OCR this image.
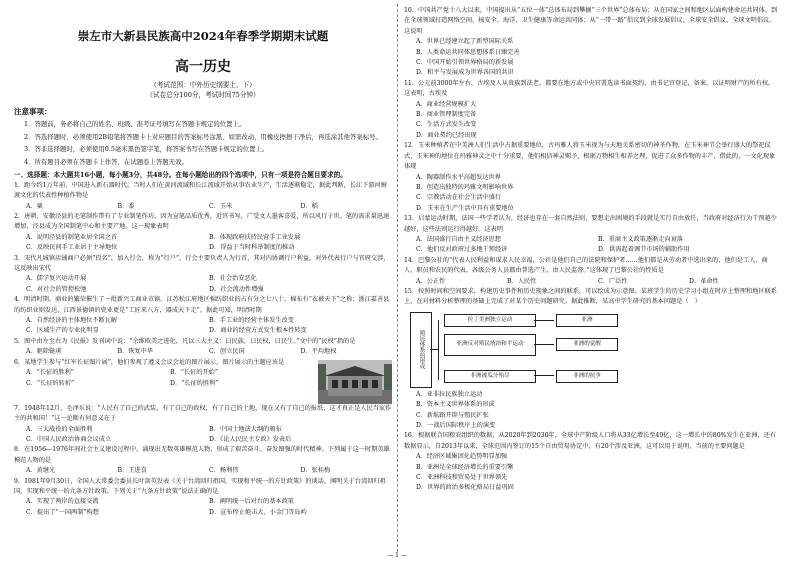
崇左市大新县民族高中2024年春季学期期末试题
高一历史
（考试范围：中外历史纲要上、下）
（试卷总分100分，考试时间75分钟）
注意事项：
1．答题前，务必将自己的姓名、班级、准考证号填写在答题卡规定的位置上。
2．答选择题时，必须使用2B铅笔将答题卡上对应题目的答案标号涂黑，如需改动，用橡皮擦擦干净后，再选涂其他答案标号。
3．答非选择题时，必须使用0.5毫米黑色签字笔，将答案书写在答题卡规定的位置上。
4．所有题目必须在答题卡上作答，在试题卷上答题无效。
一、选择题：本大题共16小题，每小题3分，共48分。在每小题给出的四个选项中，只有一项是符合题目要求的。
1．距今约1万年前，中国进入新石器时代。当时人们在黄河流域和长江流域开始从事农业生产，生活逐渐稳定，据此判断，长江下游河姆渡文化的代表性种植作物是
A．粟	B．黍	C．玉米	D．稻
2．唐朝，安徽泾县的毛笔制作带有了专业制笔作坊，因为宣笔品质优秀，近官书写，广受文人墨客喜爱，所以风行于世。笔的需求量迅速增加，泾县成为全国制笔中心和主要产地。这一现象表明
A．说明泾县的制笔业居全国之首	B．体现政府扶持民营手工业发展
C．反映民间手工业居于主导地位	D．得益于当时科举制度的推动
3．宋代凡城镇店铺商户必须“投名”，加入行会，称为“行户”，行会主要负责人为行首，其对内协调行户利益，对外代表行户与官府交涉，这反映出宋代
A．儒学复兴运动开展	B．社会治安恶化
C．对社会的管控松弛	D．社会流动性增强
4．明清时期，商业的繁荣催生了一批新兴工商业市镇。江苏松江府地区棉纺织业的占有分之七八十，棉布有“衣被天下”之称；浙江嘉善县的纺织业则发达，江西景德镇的瓷业更是“工匠来八方，器成天下走”。据此可知，明清时期
A．自然经济的主体地位不断瓦解	B．手工业的经营主体发生改变
C．区域生产的专业化明显	D．商业的经营方式发生根本性转变
5．图中由左至右为《民报》发刊词中说：“余维欧美之进化，凡以三大主义：曰民族，曰民权，曰民生。”文中的“民权”指的是
A．驱除鞑虏	B．恢复中华	C．创立民国	D．平均地权
6．某地学生参与“红军长征图片展”，他们参观了遵义会议会址的图片展示，图片展示的主题应该是
A．“长征的胜利”	B．“长征的开始”
C．“长征的转折”	D．“长征的胜利”
7．1948年12月，毛泽东说：“人民有了自己的武装，有了自己的政权，有了自己的土地，现在又有了自己的报纸，这才真正是人民当家作主的共和国！”这一论断有何意义在于
A．三大战役的全面胜利	B．中国土地法大纲的颁布
C．中国人民政治协商会议成立	D．《论人民民主专政》发表后
8．在1956—1976年间社会主义建设过程中，涌现出无数英雄模范人物，形成了艰苦奋斗、奋发图强的时代精神。下列属于这一时期英雄模范人物的是
A．黄继光	B．王进喜	C．杨利伟	D．张桂梅
9．1981年9月30日，全国人大常委会委员长叶剑英发表《关于台湾回归祖国、实现和平统一的方针政策》的谈话，阐明关于台湾回归祖国，实现和平统一的九条方针政策。下列关于“九条方针政策”说法正确的是
A．实现了两岸的直接交流	B．阐明统一后对台的基本政策
C．提出了“一国两制”构想	D．宣布停止炮击大、小金门等岛屿
10．中国共产党十八大以来，中国提出从“五位一体”总体布局到攀摘“三个世界”总体布局；从在国家之间和地区层面构建命运共同体，到在全球领域打造网络空间、核安全、海洋、卫生健康等命运共同体；从“一带一路”倡议到全球发展倡议、全球安全倡议、全球文明倡议。这说明
A．世界已经建立起了新型国际关系
B．人类命运共同体思想体系日臻完善
C．中国开始引领世界格局的新发展
D．和平与发展成为世界各国的共识
11．公元前3000年左右，古埃及人从贵族到法老，都要在地方或中央官署选读书面契约，由书记官登记，备案，以证明财产的所有权。这表明，古埃及
A．商业经营规模扩大
B．商业管理制度完备
C．生活方式发生改变
D．商业契约已经出现
12．玉米种植者在中美洲人们生活中占据重要地位，古玛雅人将玉米视为与天地关系密切的神圣作物，在玉米神节会举行盛大的祭祀仪式，玉米神的地位在玛雅神灵之中十分重要，他们相信神灵赐予，根据万物相生相养之理，促进了众多作物的丰产，借此的，一文化现象体现
A．陶器制作水平高超发达世界
B．创造出独特的玛雅文明影响世界
C．宗教活动在社会生活中盛行
D．玉米在生产生活中具有重要地位
13．启蒙运动时期，法国一些学者认为，经济也存在一套自然法则，要想走出困境的手段就是实行自由放任，当政府对经济行为干预越少越好，这些法则运行得越好。这表明
A．法国盛行自由主义经济思想	B．重商主义政策逐渐走向衰落
C．他们反对政府过多地干预经济	D．供需起着调节市场的辅助作用
14．巴黎公社的“代表人民利益和谋求人民幸福，公社是他们自己的法院和保护者……他们都是从劳动者中选出来的，他们是工人、商人、职员和农民的代表，各级公务人员都由普选产生，由人民监督。”这体现了巴黎公社的性质是
A．公正性	B．人民性	C．广泛性	D．革命性
15．按照时间和空间要求，构建历史事件和历史现象之间的联系，可以绘成为示意图。某班学生的历史学习小组在时序上整理和地区联系上，在对材料分析整理的基础上完成了对某个历史问题研究。据此推断，某高中学生研究的基本问题是（　）
殖民体系的形成
拉丁美洲独立运动
亚洲反对殖民统治和平运动
非洲被瓜分殆尽
亚洲
亚洲的觉醒
非洲的抗争
A．亚非拉民族独立运动
B．资本主义世界体系的形成
C．新航路开辟与殖民扩张
D．一战后国际秩序上的演变
16．根据联合国粮农组织的数据，从2020年到2030年，全球中产阶级人口将从33亿增长至49亿，这一增长中的80%发生在亚洲，还有数据显示，自2013年以来，全球范围内签订的15个自由贸易协定中，有20个涉及亚洲。这可以用于说明，当前的主要问题是
A．经济区域集团化趋势明显加强
B．亚洲是全球经济增长的重要引擎
C．亚洲科技和贸易处于世界领先
D．世界的政治多极化格局日益巩固
— 1 —
